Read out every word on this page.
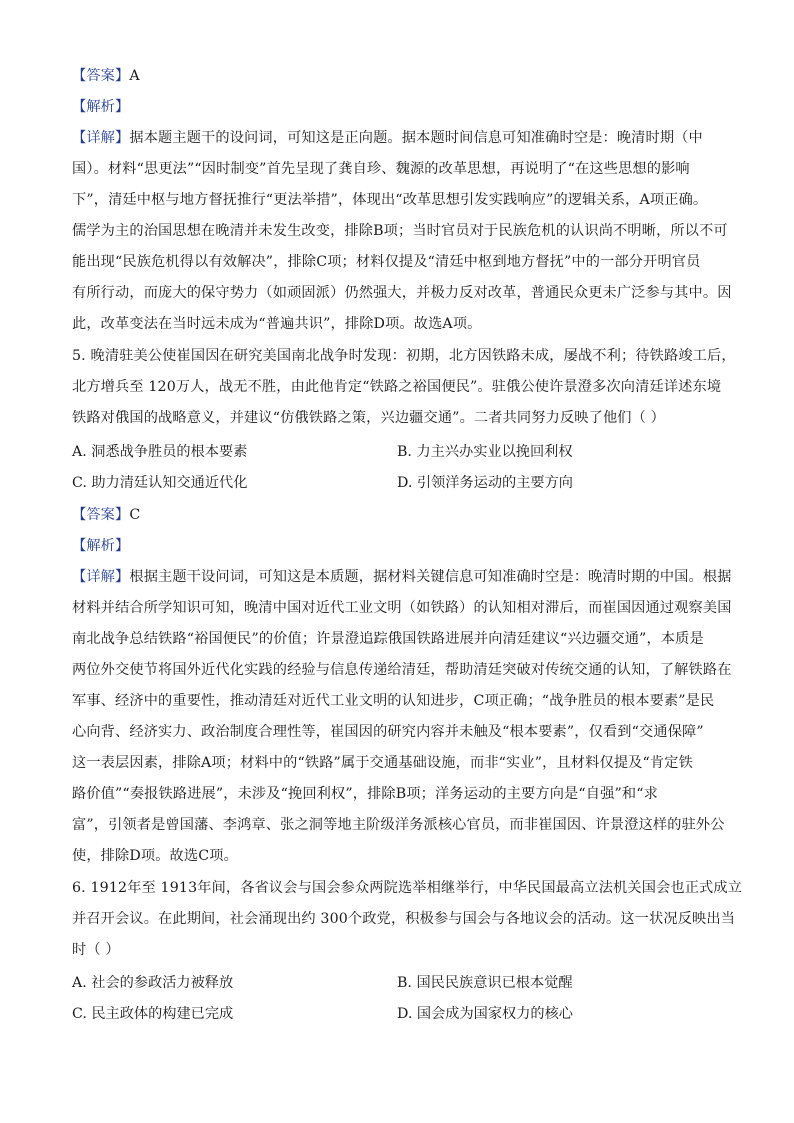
【答案】A
【解析】
【详解】据本题主题干的设问词，可知这是正向题。据本题时间信息可知准确时空是：晚清时期（中
国）。材料“思更法”“因时制变”首先呈现了龚自珍、魏源的改革思想，再说明了“在这些思想的影响
下”，清廷中枢与地方督抚推行“更法举措”，体现出“改革思想引发实践响应”的逻辑关系，A项正确。
儒学为主的治国思想在晚清并未发生改变，排除B项；当时官员对于民族危机的认识尚不明晰，所以不可
能出现“民族危机得以有效解决”，排除C项；材料仅提及“清廷中枢到地方督抚”中的一部分开明官员
有所行动，而庞大的保守势力（如顽固派）仍然强大，并极力反对改革，普通民众更未广泛参与其中。因
此，改革变法在当时远未成为“普遍共识”，排除D项。故选A项。
5. 晚清驻美公使崔国因在研究美国南北战争时发现：初期，北方因铁路未成，屡战不利；待铁路竣工后，
北方增兵至 120万人，战无不胜，由此他肯定“铁路之裕国便民”。驻俄公使许景澄多次向清廷详述东境
铁路对俄国的战略意义，并建议“仿俄铁路之策，兴边疆交通”。二者共同努力反映了他们（ ）
A. 洞悉战争胜员的根本要素	B. 力主兴办实业以挽回利权
C. 助力清廷认知交通近代化	D. 引领洋务运动的主要方向
【答案】C
【解析】
【详解】根据主题干设问词，可知这是本质题，据材料关键信息可知准确时空是：晚清时期的中国。根据
材料并结合所学知识可知，晚清中国对近代工业文明（如铁路）的认知相对滞后，而崔国因通过观察美国
南北战争总结铁路“裕国便民”的价值；许景澄追踪俄国铁路进展并向清廷建议“兴边疆交通”，本质是
两位外交使节将国外近代化实践的经验与信息传递给清廷，帮助清廷突破对传统交通的认知，了解铁路在
军事、经济中的重要性，推动清廷对近代工业文明的认知进步，C项正确；“战争胜员的根本要素”是民
心向背、经济实力、政治制度合理性等，崔国因的研究内容并未触及“根本要素”，仅看到“交通保障”
这一表层因素，排除A项；材料中的“铁路”属于交通基础设施，而非“实业”，且材料仅提及“肯定铁
路价值”“奏报铁路进展”，未涉及“挽回利权”，排除B项；洋务运动的主要方向是“自强”和“求
富”，引领者是曾国藩、李鸿章、张之洞等地主阶级洋务派核心官员，而非崔国因、许景澄这样的驻外公
使，排除D项。故选C项。
6. 1912年至 1913年间，各省议会与国会参众两院选举相继举行，中华民国最高立法机关国会也正式成立
并召开会议。在此期间，社会涌现出约 300个政党，积极参与国会与各地议会的活动。这一状况反映出当
时（ ）
A. 社会的参政活力被释放	B. 国民民族意识已根本觉醒
C. 民主政体的构建已完成	D. 国会成为国家权力的核心
